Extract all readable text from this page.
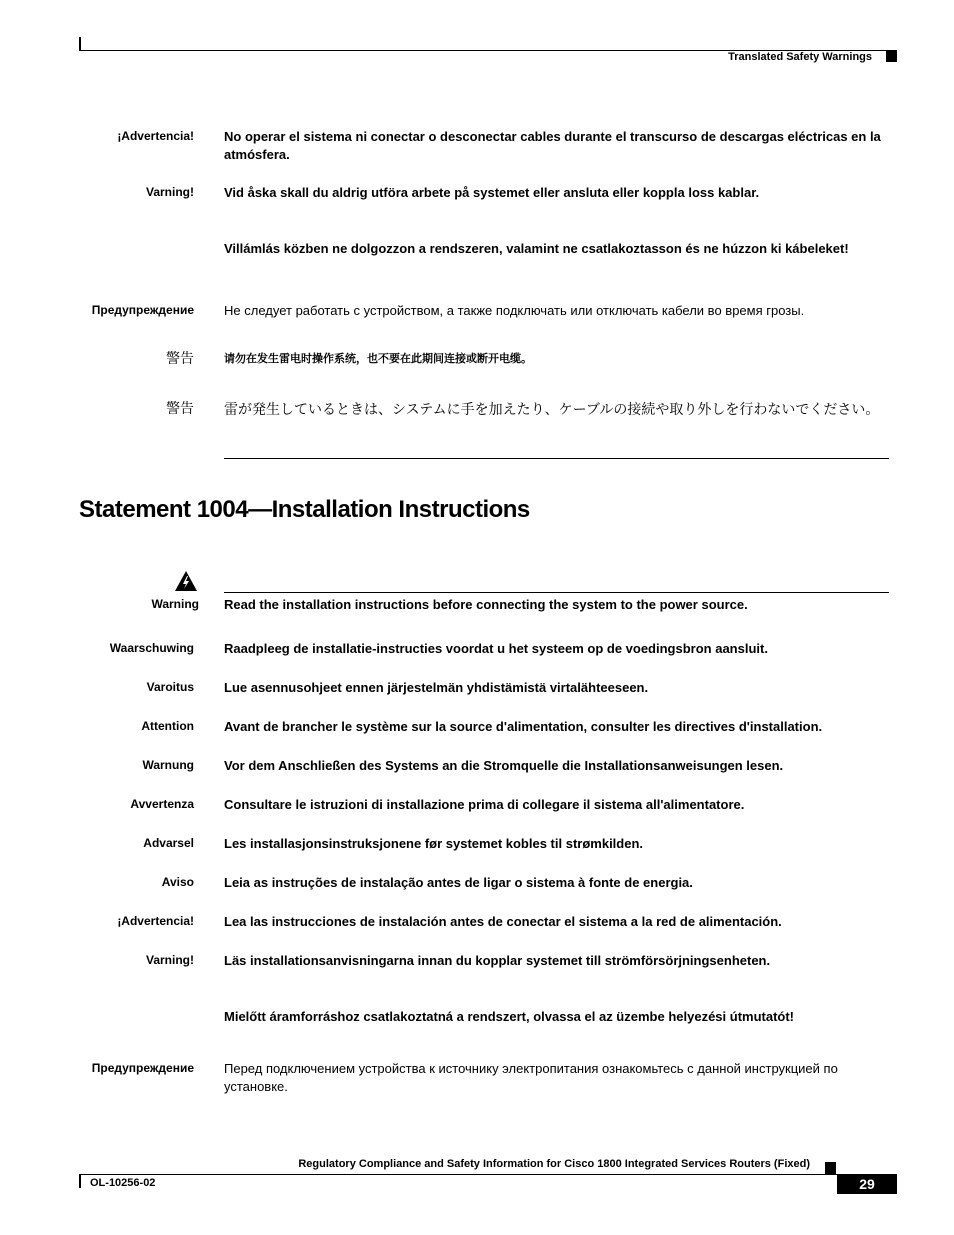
Translated Safety Warnings
¡Advertencia! No operar el sistema ni conectar o desconectar cables durante el transcurso de descargas eléctricas en la atmósfera.
Varning! Vid åska skall du aldrig utföra arbete på systemet eller ansluta eller koppla loss kablar.
Villámlás közben ne dolgozzon a rendszeren, valamint ne csatlakoztasson és ne húzzon ki kábeleket!
Предупреждение Не следует работать с устройством, а также подключать или отключать кабели во время грозы.
警告	请勿在发生雷电时操作系统，也不要在此期间连接或断开电缆。
警告 雷が発生しているときは、システムに手を加えたり、ケーブルの接続や取り外しを行わないでください。
Statement 1004—Installation Instructions
Warning Read the installation instructions before connecting the system to the power source.
Waarschuwing Raadpleeg de installatie-instructies voordat u het systeem op de voedingsbron aansluit.
Varoitus Lue asennusohjeet ennen järjestelmän yhdistämistä virtalähteeseen.
Attention Avant de brancher le système sur la source d'alimentation, consulter les directives d'installation.
Warnung Vor dem Anschließen des Systems an die Stromquelle die Installationsanweisungen lesen.
Avvertenza Consultare le istruzioni di installazione prima di collegare il sistema all'alimentatore.
Advarsel Les installasjonsinstruksjonene før systemet kobles til strømkilden.
Aviso Leia as instruções de instalação antes de ligar o sistema à fonte de energia.
¡Advertencia! Lea las instrucciones de instalación antes de conectar el sistema a la red de alimentación.
Varning! Läs installationsanvisningarna innan du kopplar systemet till strömförsörjningsenheten.
Mielőtt áramforráshoz csatlakoztatná a rendszert, olvassa el az üzembe helyezési útmutatót!
Предупреждение Перед подключением устройства к источнику электропитания ознакомьтесь с данной инструкцией по установке.
Regulatory Compliance and Safety Information for Cisco 1800 Integrated Services Routers (Fixed)
OL-10256-02	29
